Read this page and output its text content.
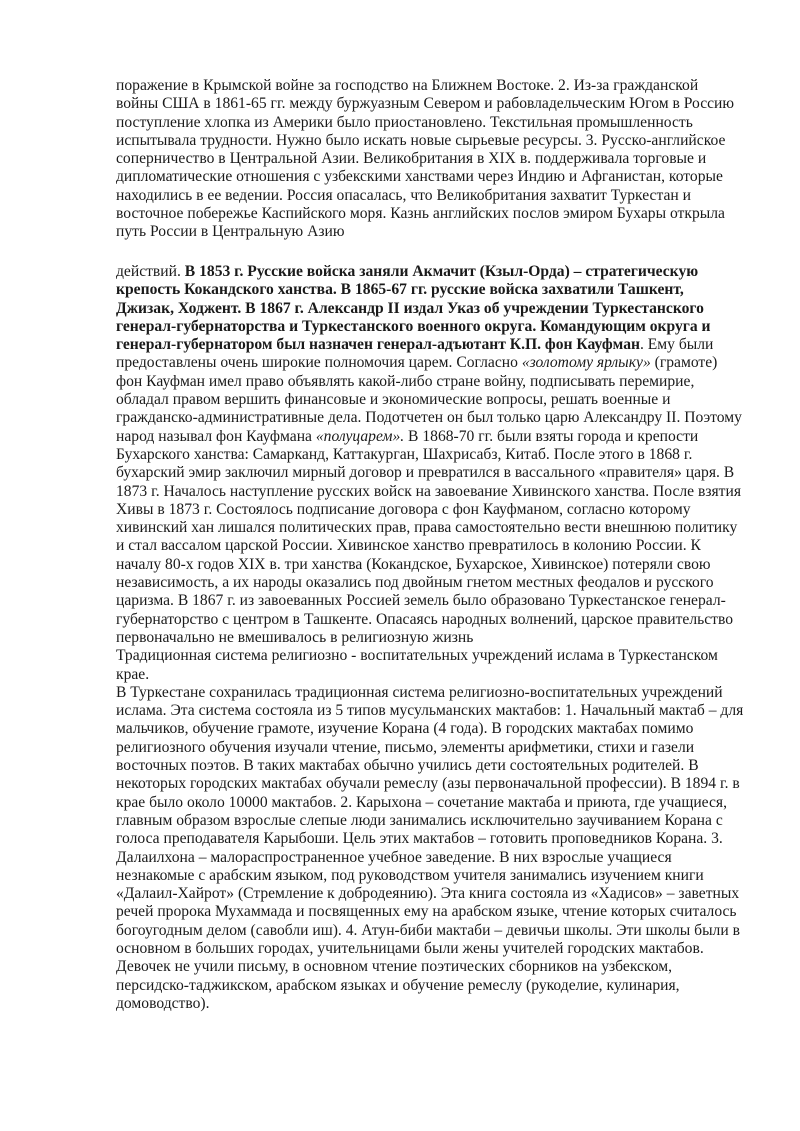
поражение в Крымской войне за господство на Ближнем Востоке. 2. Из-за гражданской войны США в 1861-65 гг. между буржуазным Севером и рабовладельческим Югом в Россию поступление хлопка из Америки было приостановлено. Текстильная промышленность испытывала трудности. Нужно было искать новые сырьевые ресурсы. 3. Русско-английское соперничество в Центральной Азии. Великобритания в XIX в. поддерживала торговые и дипломатические отношения с узбекскими ханствами через Индию и Афганистан, которые находились в ее ведении. Россия опасалась, что Великобритания захватит Туркестан и восточное побережье Каспийского моря. Казнь английских послов эмиром Бухары открыла путь России в Центральную Азию

действий. В 1853 г. Русские войска заняли Акмачит (Кзыл-Орда) – стратегическую крепость Кокандского ханства. В 1865-67 гг. русские войска захватили Ташкент, Джизак, Ходжент. В 1867 г. Александр II издал Указ об учреждении Туркестанского генерал-губернаторства и Туркестанского военного округа. Командующим округа и генерал-губернатором был назначен генерал-адъютант К.П. фон Кауфман. Ему были предоставлены очень широкие полномочия царем. Согласно «золотому ярлыку» (грамоте) фон Кауфман имел право объявлять какой-либо стране войну, подписывать перемирие, обладал правом вершить финансовые и экономические вопросы, решать военные и гражданско-административные дела. Подотчетен он был только царю Александру II. Поэтому народ называл фон Кауфмана «полуцарем». В 1868-70 гг. были взяты города и крепости Бухарского ханства: Самарканд, Каттакурган, Шахрисабз, Китаб. После этого в 1868 г. бухарский эмир заключил мирный договор и превратился в вассального «правителя» царя. В 1873 г. Началось наступление русских войск на завоевание Хивинского ханства. После взятия Хивы в 1873 г. Состоялось подписание договора с фон Кауфманом, согласно которому хивинский хан лишался политических прав, права самостоятельно вести внешнюю политику и стал вассалом царской России. Хивинское ханство превратилось в колонию России. К началу 80-х годов XIX в. три ханства (Кокандское, Бухарское, Хивинское) потеряли свою независимость, а их народы оказались под двойным гнетом местных феодалов и русского царизма. В 1867 г. из завоеванных Россией земель было образовано Туркестанское генерал-губернаторство с центром в Ташкенте. Опасаясь народных волнений, царское правительство первоначально не вмешивалось в религиозную жизнь

Традиционная система религиозно - воспитательных учреждений ислама в Туркестанском крае.

В Туркестане сохранилась традиционная система религиозно-воспитательных учреждений ислама. Эта система состояла из 5 типов мусульманских мактабов: 1. Начальный мактаб – для мальчиков, обучение грамоте, изучение Корана (4 года). В городских мактабах помимо религиозного обучения изучали чтение, письмо, элементы арифметики, стихи и газели восточных поэтов. В таких мактабах обычно учились дети состоятельных родителей. В некоторых городских мактабах обучали ремеслу (азы первоначальной профессии). В 1894 г. в крае было около 10000 мактабов. 2. Карыхона – сочетание мактаба и приюта, где учащиеся, главным образом взрослые слепые люди занимались исключительно заучиванием Корана с голоса преподавателя Карыбоши. Цель этих мактабов – готовить проповедников Корана. 3. Далаилхона – малораспространенное учебное заведение. В них взрослые учащиеся незнакомые с арабским языком, под руководством учителя занимались изучением книги «Далаил-Хайрот» (Стремление к добродеянию). Эта книга состояла из «Хадисов» – заветных речей пророка Мухаммада и посвященных ему на арабском языке, чтение которых считалось богоугодным делом (савобли иш). 4. Атун-биби мактаби – девичьи школы. Эти школы были в основном в больших городах, учительницами были жены учителей городских мактабов. Девочек не учили письму, в основном чтение поэтических сборников на узбекском, персидско-таджикском, арабском языках и обучение ремеслу (рукоделие, кулинария, домоводство).
